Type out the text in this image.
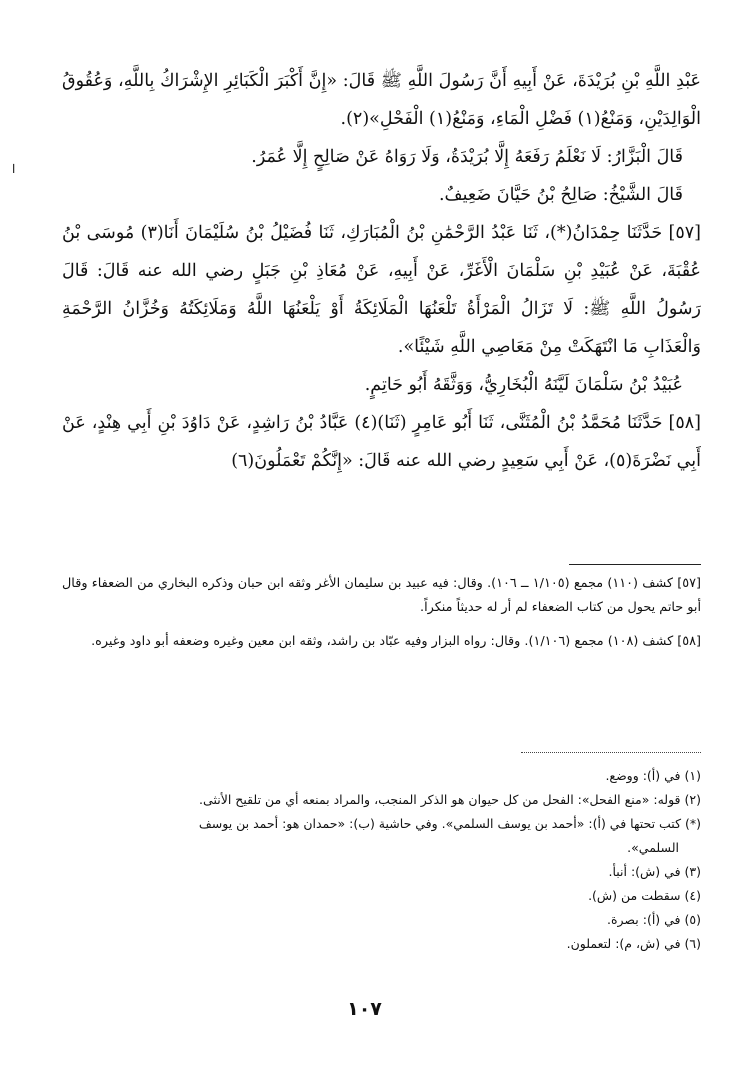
ا

عَبْدِ اللَّهِ بْنِ بُرَيْدَةَ، عَنْ أَبِيهِ أَنَّ رَسُولَ اللَّهِ ﷺ قَالَ: «إِنَّ أَكْبَرَ الْكَبَائِرِ الإِشْرَاكُ بِاللَّهِ، وَعُقُوقُ الْوَالِدَيْنِ، وَمَنْعُ(١) فَضْلِ الْمَاءِ، وَمَنْعُ(١) الْفَحْلِ»(٢).

قَالَ الْبَزَّارُ: لَا نَعْلَمُ رَفَعَهُ إِلَّا بُرَيْدَةُ، وَلَا رَوَاهُ عَنْ صَالِحٍ إِلَّا عُمَرُ.

قَالَ الشَّيْخُ: صَالِحُ بْنُ حَيَّانَ ضَعِيفٌ.

[٥٧] حَدَّثَنَا حِمْدَانُ(*)، ثَنَا عَبْدُ الرَّحْمَٰنِ بْنُ الْمُبَارَكِ، ثَنَا فُضَيْلُ بْنُ سُلَيْمَانَ أَنَا(٣) مُوسَى بْنُ عُقْبَةَ، عَنْ عُبَيْدِ بْنِ سَلْمَانَ الْأَغَرِّ، عَنْ أَبِيهِ، عَنْ مُعَاذِ بْنِ جَبَلٍ رضي الله عنه قَالَ: قَالَ رَسُولُ اللَّهِ ﷺ: لَا تَزَالُ الْمَرْأَةُ تَلْعَنُهَا الْمَلَائِكَةُ أَوْ يَلْعَنُهَا اللَّهُ وَمَلَائِكَتُهُ وَخُزَّانُ الرَّحْمَةِ وَالْعَذَابِ مَا انْتَهَكَتْ مِنْ مَعَاصِي اللَّهِ شَيْئًا».

عُبَيْدُ بْنُ سَلْمَانَ لَيَّنَهُ الْبُخَارِيُّ، وَوَثَّقَهُ أَبُو حَاتِمٍ.

[٥٨] حَدَّثَنَا مُحَمَّدُ بْنُ الْمُثَنَّى، ثَنَا أَبُو عَامِرٍ (ثَنَا)(٤) عَبَّادُ بْنُ رَاشِدٍ، عَنْ دَاوُدَ بْنِ أَبِي هِنْدٍ، عَنْ أَبِي نَضْرَةَ(٥)، عَنْ أَبِي سَعِيدٍ رضي الله عنه قَالَ: «إِنَّكُمْ تَعْمَلُونَ(٦)

[٥٧] كشف (١١٠) مجمع (١/١٠٥ ــ ١٠٦). وقال: فيه عبيد بن سليمان الأغر وثقه ابن حبان وذكره البخاري من الضعفاء وقال أبو حاتم يحول من كتاب الضعفاء لم أر له حديثاً منكراً.

[٥٨] كشف (١٠٨) مجمع (١/١٠٦). وقال: رواه البزار وفيه عبّاد بن راشد، وثقه ابن معين وغيره وضعفه أبو داود وغيره.

(١) في (أ): ووضع.

(٢) قوله: «منع الفحل»: الفحل من كل حيوان هو الذكر المنجب، والمراد بمنعه أي من تلقيح الأنثى.

(*) كتب تحتها في (أ): «أحمد بن يوسف السلمي». وفي حاشية (ب): «حمدان هو: أحمد بن يوسف

السلمي».

(٣) في (ش): أنبأ.

(٤) سقطت من (ش).

(٥) في (أ): بصرة.

(٦) في (ش، م): لتعملون.

١٠٧
